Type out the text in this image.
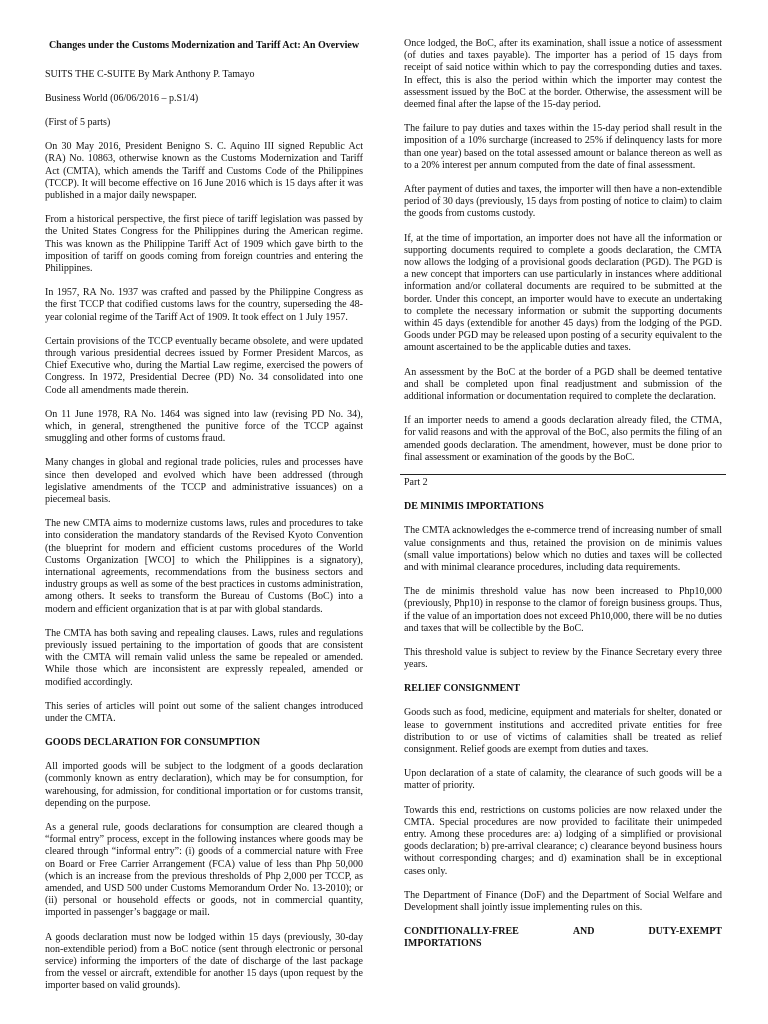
Changes under the Customs Modernization and Tariff Act: An Overview

SUITS THE C-SUITE By Mark Anthony P. Tamayo

Business World (06/06/2016 – p.S1/4)

(First of 5 parts)

On 30 May 2016, President Benigno S. C. Aquino III signed Republic Act (RA) No. 10863, otherwise known as the Customs Modernization and Tariff Act (CMTA), which amends the Tariff and Customs Code of the Philippines (TCCP). It will become effective on 16 June 2016 which is 15 days after it was published in a major daily newspaper.

From a historical perspective, the first piece of tariff legislation was passed by the United States Congress for the Philippines during the American regime. This was known as the Philippine Tariff Act of 1909 which gave birth to the imposition of tariff on goods coming from foreign countries and entering the Philippines.

In 1957, RA No. 1937 was crafted and passed by the Philippine Congress as the first TCCP that codified customs laws for the country, superseding the 48-year colonial regime of the Tariff Act of 1909. It took effect on 1 July 1957.

Certain provisions of the TCCP eventually became obsolete, and were updated through various presidential decrees issued by Former President Marcos, as Chief Executive who, during the Martial Law regime, exercised the powers of Congress. In 1972, Presidential Decree (PD) No. 34 consolidated into one Code all amendments made therein.

On 11 June 1978, RA No. 1464 was signed into law (revising PD No. 34), which, in general, strengthened the punitive force of the TCCP against smuggling and other forms of customs fraud.

Many changes in global and regional trade policies, rules and processes have since then developed and evolved which have been addressed (through legislative amendments of the TCCP and administrative issuances) on a piecemeal basis.

The new CMTA aims to modernize customs laws, rules and procedures to take into consideration the mandatory standards of the Revised Kyoto Convention (the blueprint for modern and efficient customs procedures of the World Customs Organization [WCO] to which the Philippines is a signatory), international agreements, recommendations from the business sectors and industry groups as well as some of the best practices in customs administration, among others. It seeks to transform the Bureau of Customs (BoC) into a modern and efficient organization that is at par with global standards.

The CMTA has both saving and repealing clauses. Laws, rules and regulations previously issued pertaining to the importation of goods that are consistent with the CMTA will remain valid unless the same be repealed or amended. While those which are inconsistent are expressly repealed, amended or modified accordingly.

This series of articles will point out some of the salient changes introduced under the CMTA.

GOODS DECLARATION FOR CONSUMPTION

All imported goods will be subject to the lodgment of a goods declaration (commonly known as entry declaration), which may be for consumption, for warehousing, for admission, for conditional importation or for customs transit, depending on the purpose.

As a general rule, goods declarations for consumption are cleared though a “formal entry” process, except in the following instances where goods may be cleared through “informal entry”: (i) goods of a commercial nature with Free on Board or Free Carrier Arrangement (FCA) value of less than Php 50,000 (which is an increase from the previous thresholds of Php 2,000 per TCCP, as amended, and USD 500 under Customs Memorandum Order No. 13-2010); or (ii) personal or household effects or goods, not in commercial quantity, imported in passenger’s baggage or mail.

A goods declaration must now be lodged within 15 days (previously, 30-day non-extendible period) from a BoC notice (sent through electronic or personal service) informing the importers of the date of discharge of the last package from the vessel or aircraft, extendible for another 15 days (upon request by the importer based on valid grounds).

Once lodged, the BoC, after its examination, shall issue a notice of assessment (of duties and taxes payable). The importer has a period of 15 days from receipt of said notice within which to pay the corresponding duties and taxes. In effect, this is also the period within which the importer may contest the assessment issued by the BoC at the border. Otherwise, the assessment will be deemed final after the lapse of the 15-day period.

The failure to pay duties and taxes within the 15-day period shall result in the imposition of a 10% surcharge (increased to 25% if delinquency lasts for more than one year) based on the total assessed amount or balance thereon as well as to a 20% interest per annum computed from the date of final assessment.

After payment of duties and taxes, the importer will then have a non-extendible period of 30 days (previously, 15 days from posting of notice to claim) to claim the goods from customs custody.

If, at the time of importation, an importer does not have all the information or supporting documents required to complete a goods declaration, the CMTA now allows the lodging of a provisional goods declaration (PGD). The PGD is a new concept that importers can use particularly in instances where additional information and/or collateral documents are required to be submitted at the border. Under this concept, an importer would have to execute an undertaking to complete the necessary information or submit the supporting documents within 45 days (extendible for another 45 days) from the lodging of the PGD. Goods under PGD may be released upon posting of a security equivalent to the amount ascertained to be the applicable duties and taxes.

An assessment by the BoC at the border of a PGD shall be deemed tentative and shall be completed upon final readjustment and submission of the additional information or documentation required to complete the declaration.

If an importer needs to amend a goods declaration already filed, the CTMA, for valid reasons and with the approval of the BoC, also permits the filing of an amended goods declaration. The amendment, however, must be done prior to final assessment or examination of the goods by the BoC.

Part 2

DE MINIMIS IMPORTATIONS

The CMTA acknowledges the e-commerce trend of increasing number of small value consignments and thus, retained the provision on de minimis values (small value importations) below which no duties and taxes will be collected and with minimal clearance procedures, including data requirements.

The de minimis threshold value has now been increased to Php10,000 (previously, Php10) in response to the clamor of foreign business groups. Thus, if the value of an importation does not exceed Ph10,000, there will be no duties and taxes that will be collectible by the BoC.

This threshold value is subject to review by the Finance Secretary every three years.

RELIEF CONSIGNMENT

Goods such as food, medicine, equipment and materials for shelter, donated or lease to government institutions and accredited private entities for free distribution to or use of victims of calamities shall be treated as relief consignment. Relief goods are exempt from duties and taxes.

Upon declaration of a state of calamity, the clearance of such goods will be a matter of priority.

Towards this end, restrictions on customs policies are now relaxed under the CMTA. Special procedures are now provided to facilitate their unimpeded entry. Among these procedures are: a) lodging of a simplified or provisional goods declaration; b) pre-arrival clearance; c) clearance beyond business hours without corresponding charges; and d) examination shall be in exceptional cases only.

The Department of Finance (DoF) and the Department of Social Welfare and Development shall jointly issue implementing rules on this.

CONDITIONALLY-FREE	AND	DUTY-EXEMPT
IMPORTATIONS
